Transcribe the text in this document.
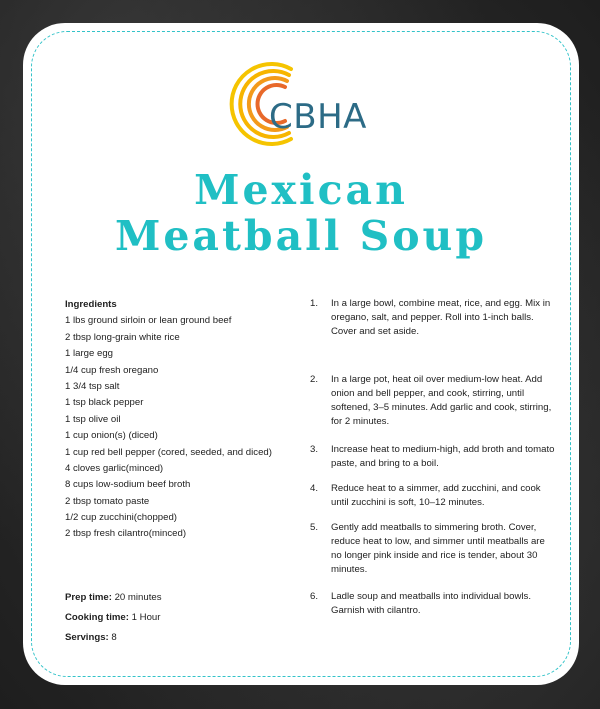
CBHA
Mexican
Meatball Soup
Ingredients
1 lbs ground sirloin or lean ground beef
2 tbsp long-grain white rice
1 large egg
1/4 cup fresh oregano
1 3/4 tsp salt
1 tsp black pepper
1 tsp olive oil
1 cup onion(s) (diced)
1 cup red bell pepper (cored, seeded, and diced)
4 cloves garlic(minced)
8 cups low-sodium beef broth
2 tbsp tomato paste
1/2 cup zucchini(chopped)
2 tbsp fresh cilantro(minced)
Prep time: 20 minutes
Cooking time: 1 Hour
Servings: 8
1.	In a large bowl, combine meat, rice, and egg. Mix in oregano, salt, and pepper. Roll into 1-inch balls. Cover and set aside.
2.	In a large pot, heat oil over medium-low heat. Add onion and bell pepper, and cook, stirring, until softened, 3–5 minutes. Add garlic and cook, stirring, for 2 minutes.
3.	Increase heat to medium-high, add broth and tomato paste, and bring to a boil.
4.	Reduce heat to a simmer, add zucchini, and cook until zucchini is soft, 10–12 minutes.
5.	Gently add meatballs to simmering broth. Cover, reduce heat to low, and simmer until meatballs are no longer pink inside and rice is tender, about 30 minutes.
6.	Ladle soup and meatballs into individual bowls. Garnish with cilantro.
